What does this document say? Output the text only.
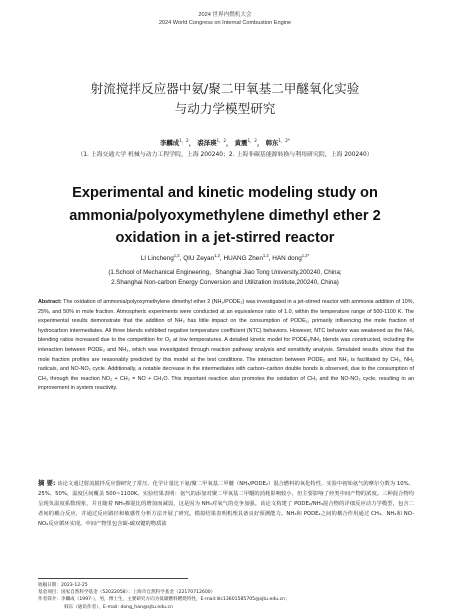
2024 世界内燃机大会
2024 World Congress on Internal Combustion Engine
射流搅拌反应器中氨/聚二甲氧基二甲醚氧化实验
与动力学模型研究
李麟成$^{1,2}$， 裘泽瑛$^{1,2}$， 黄震$^{1,2}$， 韩东$^{1,2*}$
（1. 上海交通大学 机械与动力工程学院，上海 200240；2. 上海非碳基能源转换与利用研究院，上海 200240）
Experimental and kinetic modeling study on
ammonia/polyoxymethylene dimethyl ether 2
oxidation in a jet-stirred reactor
LI Lincheng$^{1,2}$, QIU Zeyan$^{1,2}$, HUANG Zhen$^{1,2}$, HAN dong$^{1,2*}$
(1.School of Mechanical Engineering，Shanghai Jiao Tong University,200240, China;
2.Shanghai Non-carbon Energy Conversion and Utilization Institute,200240, China)
Abstract: The oxidation of ammonia/polyoxymethylene dimethyl ether 2 (NH₃/PODE₂) was investigated in a jet-stirred reactor with ammonia addition of 10%, 25%, and 50% in mole fraction. Atmospheric experiments were conducted at an equivalence ratio of 1.0, within the temperature range of 500-1100 K. The experimental results demonstrate that the addition of NH₃ has little impact on the consumption of PODE₂, primarily influencing the mole fraction of hydrocarbon intermediates. All three blends exhibited negative temperature coefficient (NTC) behaviors. However, NTC behavior was weakened as the NH₃ blending ratios increased due to the competition for O₂ at low temperatures. A detailed kinetic model for PODE₂/NH₃ blends was constructed, including the interaction between PODE₂ and NH₃, which was investigated through reaction pathway analysis and sensitivity analysis. Simulated results show that the mole fraction profiles are reasonably predicted by this model at the test conditions. The interaction between PODE₂ and NH₃ is facilitated by CH₃, NH₂ radicals, and NO-NO₂ cycle. Additionally, a notable decrease in the intermediates with carbon–carbon double bonds is observed, due to the consumption of CH₃ through the reaction NO₂ + CH₃ = NO + CH₃O. This important reaction also promotes the oxidation of CH₃ and the NO-NO₂ cycle, resulting in an improvement in system reactivity.
摘 要: 该论文通过射流搅拌反应器研究了常压、化学计量比下氨/聚二甲氧基二甲醚（NH₃/PODE₂）混合燃料的氧化特性，实验中初始氨气的摩尔分数为 10%、25%、50%，温度区间覆盖 500~1100K。实验结果表明：氨气的添加对聚二甲氧基二甲醚的消耗影响较小，但主要影响了烃类中间产物的浓度。三种混合物均呈现负温度系数现象，并且随着 NH₃掺混比的增加而减弱，这是因为 NH₃对氧气的竞争加强。该论文构建了 PODE₂/NH₃混合物的详细反应动力学模型，包含二者间的耦合反应，并通过反应路径和敏感性分析方法开展了研究。模拟结果表明机理具备良好预测能力。NH₃和 PODE₂之间的耦合作用通过 CH₃、NH₂和 NO-NO₂反应循环实现。中间产物里包含碳-碳双键的物质浓
收稿日期：2023-12-25
基金项目：国家自然科学基金（52022058）；上海市自然科学基金（22170712600）
作者简介：李麟成（1997-），男，博士生，主要研究方向为低碳燃料燃烧特性，E-mail:lilc13601585705@sjtu.edu.cn；
韩东（通讯作者），E-mail: dong_han@sjtu.edu.cn
